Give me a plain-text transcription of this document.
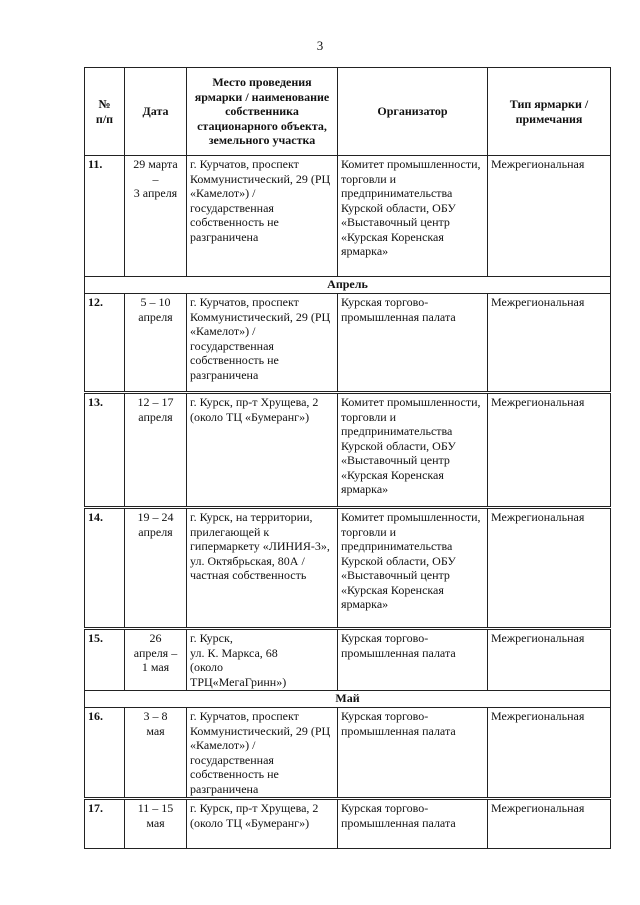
3
№
п/п	Дата	Место проведения ярмарки / наименование собственника стационарного объекта, земельного участка	Организатор	Тип ярмарки / примечания
11.	29 марта
–
3 апреля	г. Курчатов, проспект Коммунистический, 29 (РЦ «Камелот») / государственная собственность не разграничена	Комитет промышленности, торговли и предпринимательства Курской области, ОБУ «Выставочный центр «Курская Коренская ярмарка»	Межрегиональная
Апрель				
12.	5 – 10
апреля	г. Курчатов, проспект Коммунистический, 29 (РЦ «Камелот») / государственная собственность не разграничена	Курская торгово-промышленная палата	Межрегиональная
13.	12 – 17
апреля	г. Курск, пр-т Хрущева, 2 (около ТЦ «Бумеранг»)	Комитет промышленности, торговли и предпринимательства Курской области, ОБУ «Выставочный центр «Курская Коренская ярмарка»	Межрегиональная
14.	19 – 24
апреля	г. Курск, на территории, прилегающей к гипермаркету «ЛИНИЯ-3», ул. Октябрьская, 80А / частная собственность	Комитет промышленности, торговли и предпринимательства Курской области, ОБУ «Выставочный центр «Курская Коренская ярмарка»	Межрегиональная
15.	26
апреля –
1 мая	г. Курск,
ул. К. Маркса, 68
(около
ТРЦ«МегаГринн»)	Курская торгово-промышленная палата	Межрегиональная
Май				
16.	3 – 8
мая	г. Курчатов, проспект Коммунистический, 29 (РЦ «Камелот») / государственная собственность не разграничена	Курская торгово-промышленная палата	Межрегиональная
17.	11 – 15
мая	г. Курск, пр-т Хрущева, 2
(около ТЦ «Бумеранг»)	Курская торгово-промышленная палата	Межрегиональная
